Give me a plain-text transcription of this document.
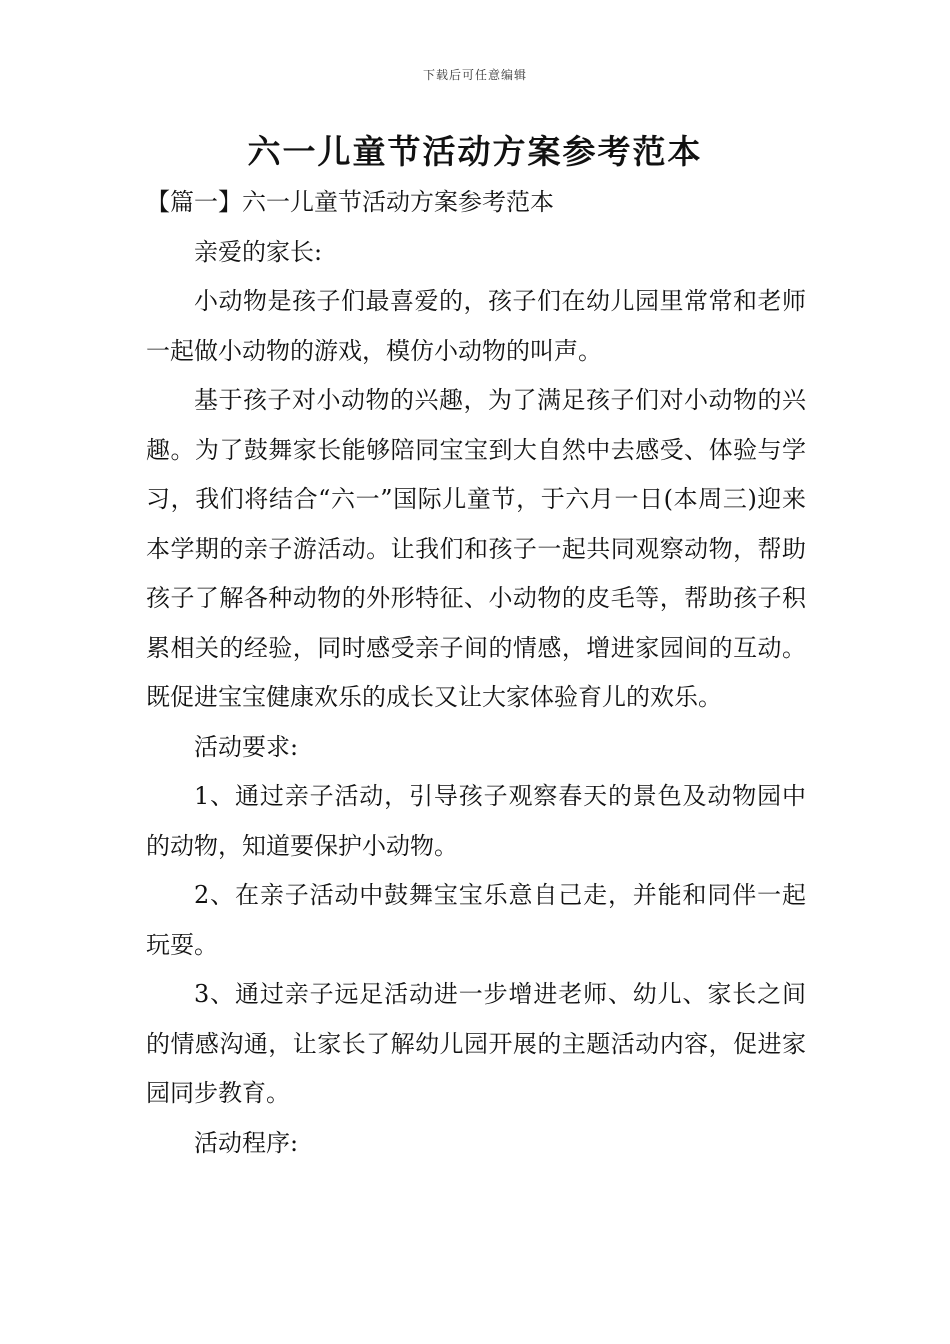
下载后可任意编辑
六一儿童节活动方案参考范本

【篇一】六一儿童节活动方案参考范本

亲爱的家长:

小动物是孩子们最喜爱的，孩子们在幼儿园里常常和老师一起做小动物的游戏，模仿小动物的叫声。

基于孩子对小动物的兴趣，为了满足孩子们对小动物的兴趣。为了鼓舞家长能够陪同宝宝到大自然中去感受、体验与学习，我们将结合“六一”国际儿童节，于六月一日(本周三)迎来本学期的亲子游活动。让我们和孩子一起共同观察动物，帮助孩子了解各种动物的外形特征、小动物的皮毛等，帮助孩子积累相关的经验，同时感受亲子间的情感，增进家园间的互动。既促进宝宝健康欢乐的成长又让大家体验育儿的欢乐。

活动要求:

1、通过亲子活动，引导孩子观察春天的景色及动物园中的动物，知道要保护小动物。

2、在亲子活动中鼓舞宝宝乐意自己走，并能和同伴一起玩耍。

3、通过亲子远足活动进一步增进老师、幼儿、家长之间的情感沟通，让家长了解幼儿园开展的主题活动内容，促进家园同步教育。

活动程序:
